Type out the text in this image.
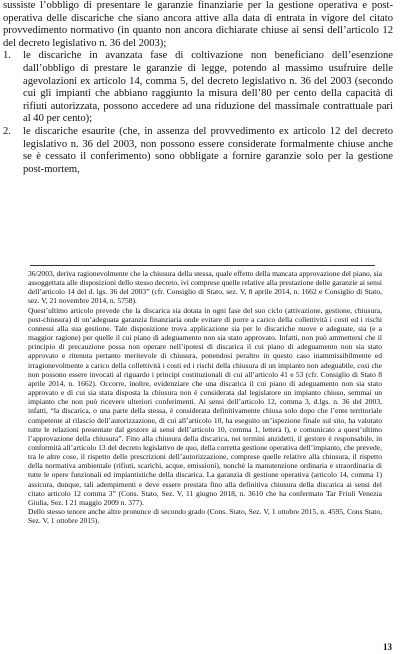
sussiste l’obbligo di presentare le garanzie finanziarie per la gestione operativa e post-operativa delle discariche che siano ancora attive alla data di entrata in vigore del citato provvedimento normativo (in quanto non ancora dichiarate chiuse ai sensi dell’articolo 12 del decreto legislativo n. 36 del 2003);

1.	le discariche in avanzata fase di coltivazione non beneficiano dell’esenzione dall’obbligo di prestare le garanzie di legge, potendo al massimo usufruire delle agevolazioni ex articolo 14, comma 5, del decreto legislativo n. 36 del 2003 (secondo cui gli impianti che abbiano raggiunto la misura dell’80 per cento della capacità di rifiuti autorizzata, possono accedere ad una riduzione del massimale contrattuale pari al 40 per cento);
2.	le discariche esaurite (che, in assenza del provvedimento ex articolo 12 del decreto legislativo n. 36 del 2003, non possono essere considerate formalmente chiuse anche se è cessato il conferimento) sono obbligate a fornire garanzie solo per la gestione post-mortem,

36/2003, deriva ragionevolmente che la chiusura della stessa, quale effetto della mancata approvazione del piano, sia assoggettata alle disposizioni dello stesso decreto, ivi comprese quelle relative alla prestazione delle garanzie ai sensi dell’articolo 14 del d. lgs. 36 del 2003” (cfr. Consiglio di Stato, sez. V, 8 aprile 2014, n. 1662 e Consiglio di Stato, sez. V, 21 novembre 2014, n. 5758).

Quest’ultimo articolo prevede che la discarica sia dotata in ogni fase del suo ciclo (attivazione, gestione, chiusura, post-chiusura) di un’adeguata garanzia finanziaria onde evitare di porre a carico della collettività i costi ed i rischi connessi alla sua gestione. Tale disposizione trova applicazione sia per le discariche nuove e adeguate, sia (e a maggior ragione) per quelle il cui piano di adeguamento non sia stato approvato. Infatti, non può ammettersi che il principio di precauzione possa non operare nell’ipotesi di discarica il cui piano di adeguamento non sia stato approvato e ritenuta pertanto meritevole di chiusura, ponendosi peraltro in questo caso inammissibilmente ed irragionevolmente a carico della collettività i costi ed i rischi della chiusura di un impianto non adeguabile, così che non possono essere invocati al riguardo i principi costituzionali di cui all’articolo 41 e 53 (cfr. Consiglio di Stato 8 aprile 2014, n. 1662). Occorre, inoltre, evidenziare che una discarica il cui piano di adeguamento non sia stato approvato e di cui sia stata disposta la chiusura non è considerata dal legislatore un impianto chiuso, semmai un impianto che non può ricevere ulteriori conferimenti. Ai sensi dell’articolo 12, comma 3, d.lgs. n. 36 del 2003, infatti, “la discarica, o una parte della stessa, è considerata definitivamente chiusa solo dopo che l’ente territoriale competente al rilascio dell’autorizzazione, di cui all’articolo 10, ha eseguito un’ispezione finale sul sito, ha valutato tutte le relazioni presentate dal gestore ai sensi dell’articolo 10, comma 1, lettera l), e comunicato a quest’ultimo l’approvazione della chiusura”. Fino alla chiusura della discarica, nei termini anzidetti, il gestore è responsabile, in conformità all’articolo 13 del decreto legislativo de quo, della corretta gestione operativa dell’impianto, che prevede, tra le altre cose, il rispetto delle prescrizioni dell’autorizzazione, comprese quelle relative alla chiusura, il rispetto della normativa ambientale (rifiuti, scarichi, acque, emissioni), nonché la manutenzione ordinaria e straordinaria di tutte le opere funzionali ed impiantistiche della discarica. La garanzia di gestione operativa (articolo 14, comma 1) assicura, dunque, tali adempimenti e deve essere prestata fino alla definitiva chiusura della discarica ai sensi del citato articolo 12 comma 3” (Cons. Stato, Sez. V, 11 giugno 2018, n. 3610 che ha confermato Tar Friuli Venezia Giulia, Sez. I 21 maggio 2009 n. 377).

Dello stesso tenore anche altre pronunce di secondo grado (Cons. Stato, Sez. V, 1 ottobre 2015, n. 4595, Cons Stato, Sez. V, 1 ottobre 2015).

13
